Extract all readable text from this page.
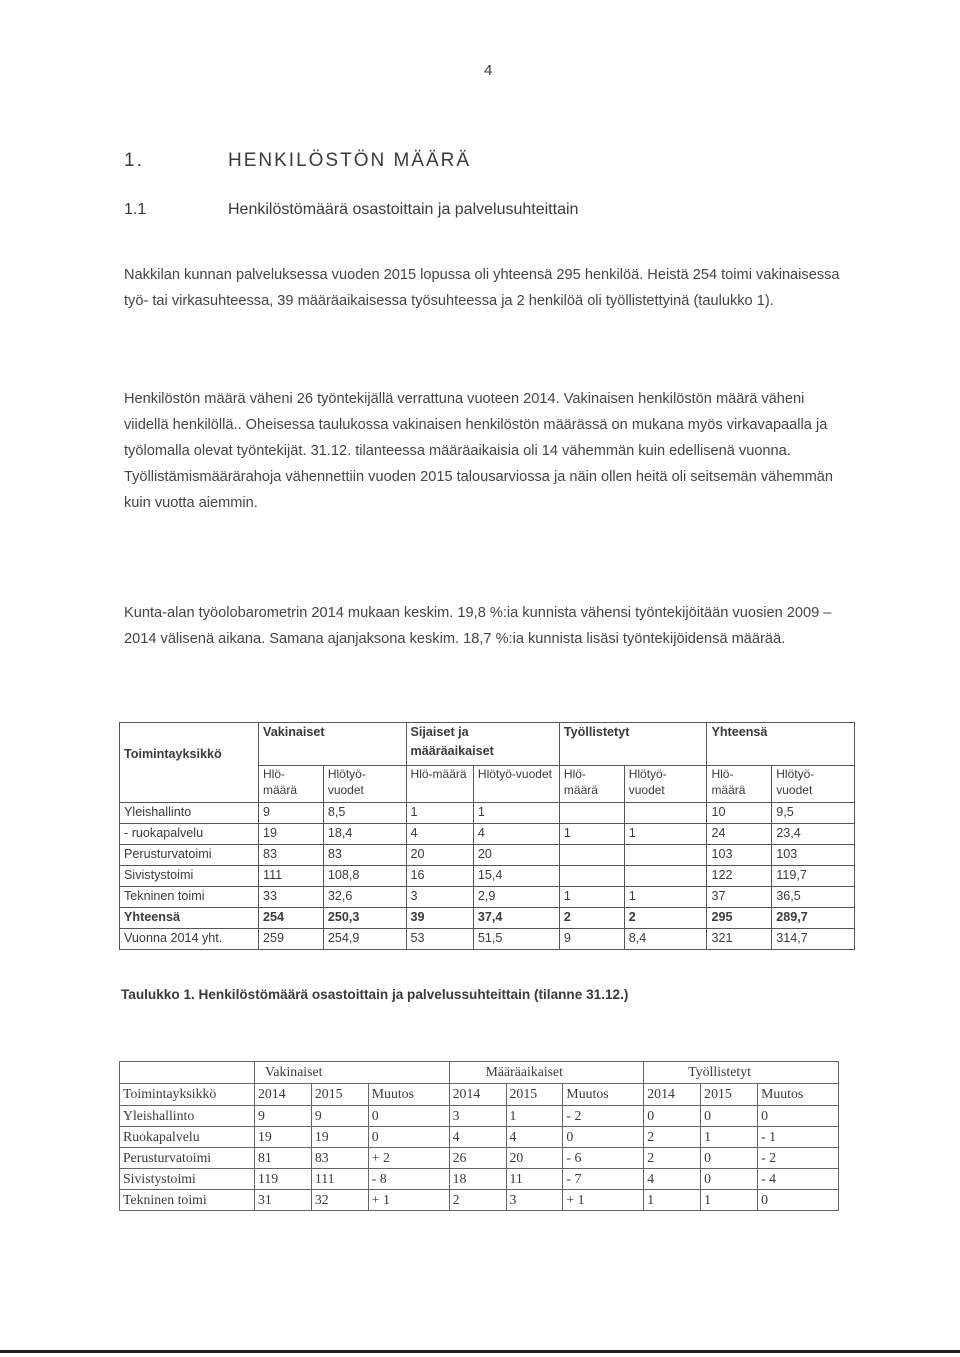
4
1.	HENKILÖSTÖN MÄÄRÄ
1.1	Henkilöstömäärä osastoittain ja palvelusuhteittain

Nakkilan kunnan palveluksessa vuoden 2015 lopussa oli yhteensä 295 henkilöä. Heistä 254 toimi vakinaisessa työ- tai virkasuhteessa, 39 määräaikaisessa työsuhteessa ja 2 henkilöä oli työllistettyinä (taulukko 1).

Henkilöstön määrä väheni 26 työntekijällä verrattuna vuoteen 2014. Vakinaisen henkilöstön määrä väheni viidellä henkilöllä.. Oheisessa taulukossa vakinaisen henkilöstön määrässä on mukana myös virkavapaalla ja työlomalla olevat työntekijät. 31.12. tilanteessa määräaikaisia oli 14 vähemmän kuin edellisenä vuonna. Työllistämismäärärahoja vähennettiin vuoden 2015 talousarviossa ja näin ollen heitä oli seitsemän vähemmän kuin vuotta aiemmin.

Kunta-alan työolobarometrin 2014 mukaan keskim. 19,8 %:ia kunnista vähensi työntekijöitään vuosien 2009 – 2014 välisenä aikana. Samana ajanjaksona keskim. 18,7 %:ia kunnista lisäsi työntekijöidensä määrää.

Toimintayksikkö	Vakinaiset		Sijaiset ja määräaikaiset		Työllistetyt		Yhteensä	
	Hlö-määrä	Hlötyö-vuodet	Hlö-määrä	Hlötyö-vuodet	Hlö-määrä	Hlötyö-vuodet	Hlö-määrä	Hlötyö-vuodet
Yleishallinto	9	8,5	1	1			10	9,5
- ruokapalvelu	19	18,4	4	4	1	1	24	23,4
Perusturvatoimi	83	83	20	20			103	103
Sivistystoimi	111	108,8	16	15,4			122	119,7
Tekninen toimi	33	32,6	3	2,9	1	1	37	36,5
Yhteensä	254	250,3	39	37,4	2	2	295	289,7
Vuonna 2014 yht.	259	254,9	53	51,5	9	8,4	321	314,7
Taulukko 1. Henkilöstömäärä osastoittain ja palvelussuhteittain (tilanne 31.12.)
	Vakinaiset			Määräaikaiset			Työllistetyt		
Toimintayksikkö	2014	2015	Muutos	2014	2015	Muutos	2014	2015	Muutos
Yleishallinto	9	9	0	3	1	- 2	0	0	0
Ruokapalvelu	19	19	0	4	4	0	2	1	- 1
Perusturvatoimi	81	83	+ 2	26	20	- 6	2	0	- 2
Sivistystoimi	119	111	- 8	18	11	- 7	4	0	- 4
Tekninen toimi	31	32	+ 1	2	3	+ 1	1	1	0
